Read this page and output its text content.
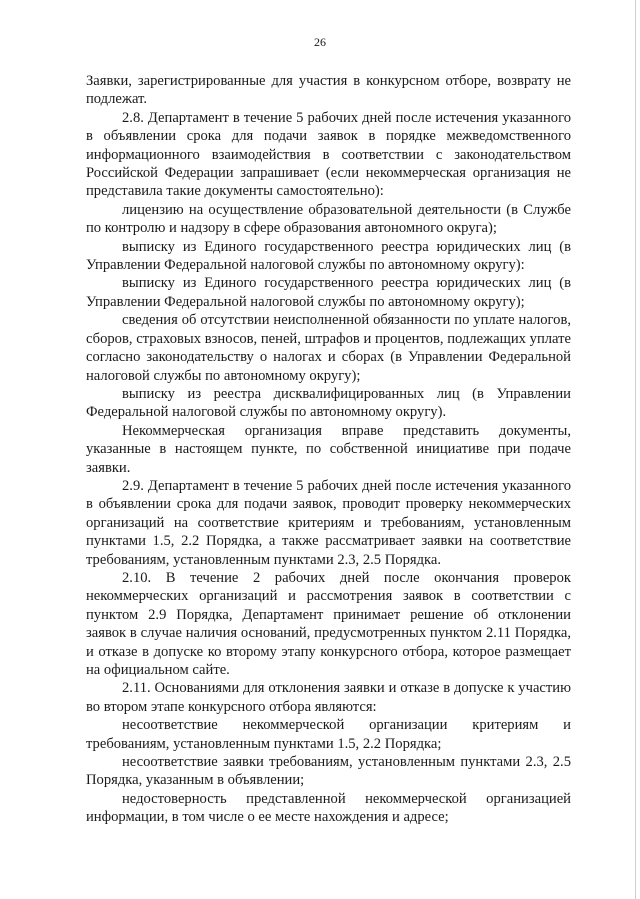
26

Заявки, зарегистрированные для участия в конкурсном отборе, возврату не подлежат.

2.8. Департамент в течение 5 рабочих дней после истечения указанного в объявлении срока для подачи заявок в порядке межведомственного информационного взаимодействия в соответствии с законодательством Российской Федерации запрашивает (если некоммерческая организация не представила такие документы самостоятельно):

лицензию на осуществление образовательной деятельности (в Службе по контролю и надзору в сфере образования автономного округа);

выписку из Единого государственного реестра юридических лиц (в Управлении Федеральной налоговой службы по автономному округу):

выписку из Единого государственного реестра юридических лиц (в Управлении Федеральной налоговой службы по автономному округу);

сведения об отсутствии неисполненной обязанности по уплате налогов, сборов, страховых взносов, пеней, штрафов и процентов, подлежащих уплате согласно законодательству о налогах и сборах (в Управлении Федеральной налоговой службы по автономному округу);

выписку из реестра дисквалифицированных лиц (в Управлении Федеральной налоговой службы по автономному округу).

Некоммерческая организация вправе представить документы, указанные в настоящем пункте, по собственной инициативе при подаче заявки.

2.9. Департамент в течение 5 рабочих дней после истечения указанного в объявлении срока для подачи заявок, проводит проверку некоммерческих организаций на соответствие критериям и требованиям, установленным пунктами 1.5, 2.2 Порядка, а также рассматривает заявки на соответствие требованиям, установленным пунктами 2.3, 2.5 Порядка.

2.10. В течение 2 рабочих дней после окончания проверок некоммерческих организаций и рассмотрения заявок в соответствии с пунктом 2.9 Порядка, Департамент принимает решение об отклонении заявок в случае наличия оснований, предусмотренных пунктом 2.11 Порядка, и отказе в допуске ко второму этапу конкурсного отбора, которое размещает на официальном сайте.

2.11. Основаниями для отклонения заявки и отказе в допуске к участию во втором этапе конкурсного отбора являются:

несоответствие некоммерческой организации критериям и требованиям, установленным пунктами 1.5, 2.2 Порядка;

несоответствие заявки требованиям, установленным пунктами 2.3, 2.5 Порядка, указанным в объявлении;

недостоверность представленной некоммерческой организацией информации, в том числе о ее месте нахождения и адресе;
